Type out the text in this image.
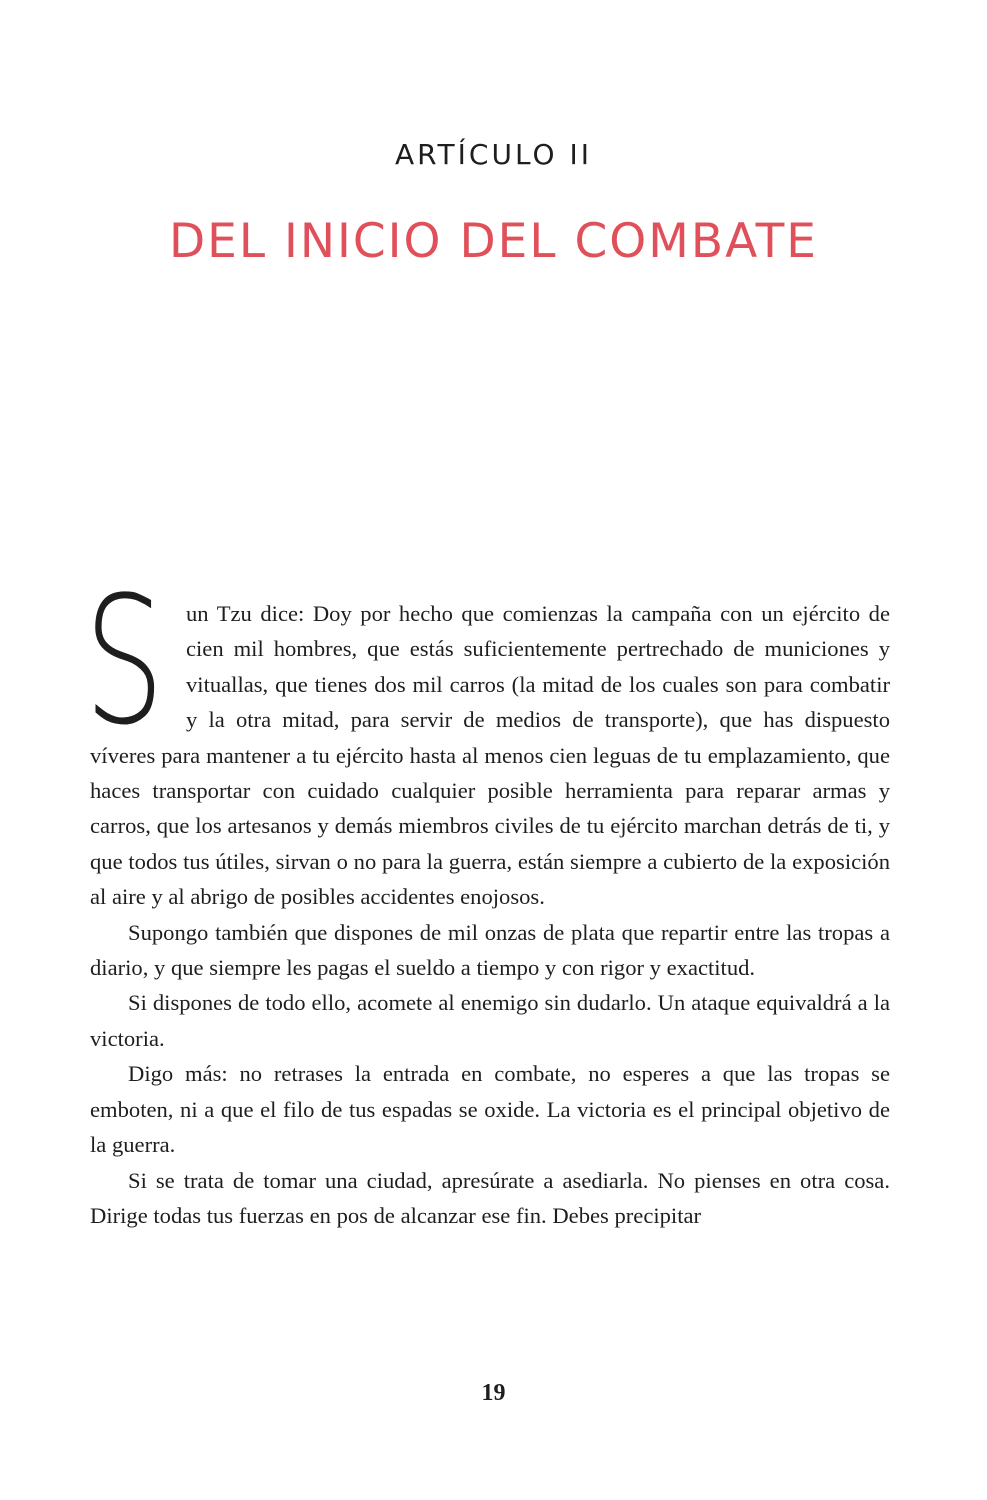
ARTÍCULO II
DEL INICIO DEL COMBATE

Sun Tzu dice: Doy por hecho que comienzas la campaña con un ejército de cien mil hombres, que estás suficientemente pertrechado de municiones y vituallas, que tienes dos mil carros (la mitad de los cuales son para combatir y la otra mitad, para servir de medios de transporte), que has dispuesto víveres para mantener a tu ejército hasta al menos cien leguas de tu emplazamiento, que haces transportar con cuidado cualquier posible herramienta para reparar armas y carros, que los artesanos y demás miembros civiles de tu ejército marchan detrás de ti, y que todos tus útiles, sirvan o no para la guerra, están siempre a cubierto de la exposición al aire y al abrigo de posibles accidentes enojosos.

Supongo también que dispones de mil onzas de plata que repartir entre las tropas a diario, y que siempre les pagas el sueldo a tiempo y con rigor y exactitud.

Si dispones de todo ello, acomete al enemigo sin dudarlo. Un ataque equivaldrá a la victoria.

Digo más: no retrases la entrada en combate, no esperes a que las tropas se emboten, ni a que el filo de tus espadas se oxide. La victoria es el principal objetivo de la guerra.

Si se trata de tomar una ciudad, apresúrate a asediarla. No pienses en otra cosa. Dirige todas tus fuerzas en pos de alcanzar ese fin. Debes precipitar

19
